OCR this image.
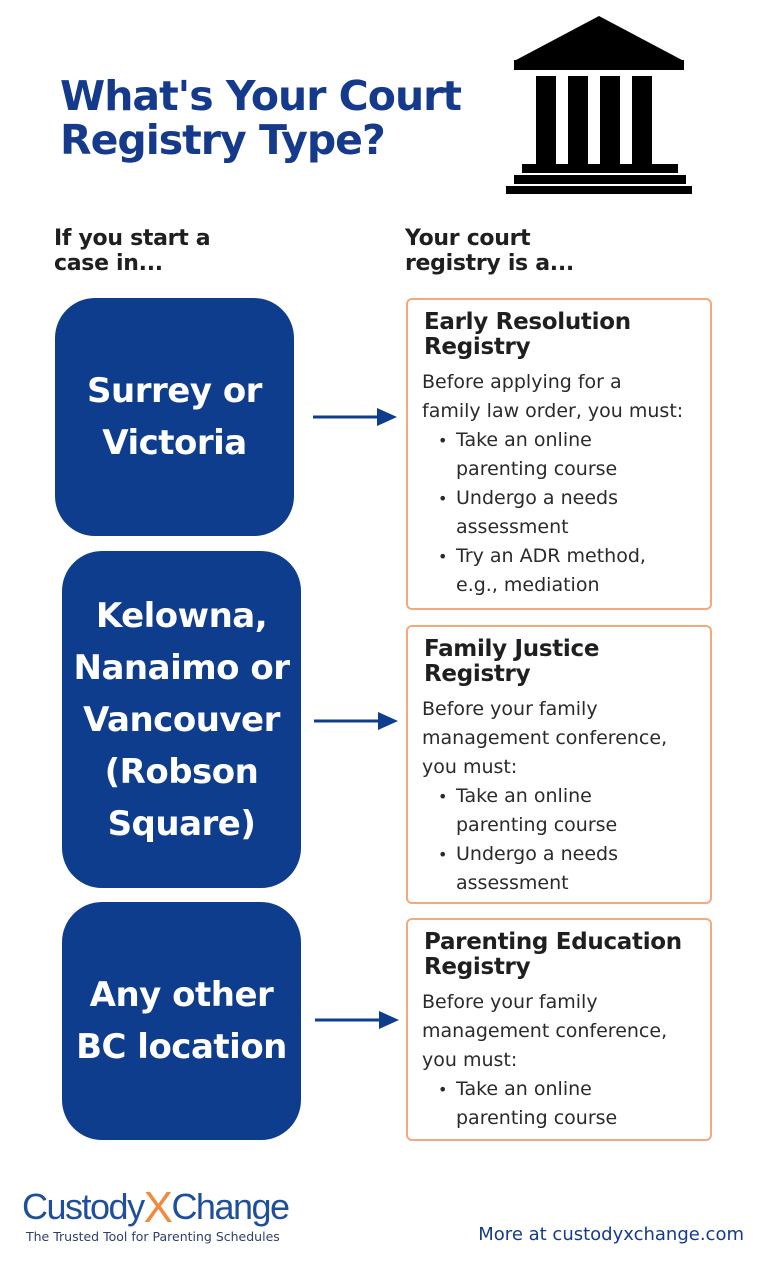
What's Your Court
Registry Type?
If you start a
case in...
Your court
registry is a...
Surrey or
Victoria
Early Resolution
Registry
Before applying for a
family law order, you must:
• Take an online
parenting course
• Undergo a needs
assessment
• Try an ADR method,
e.g., mediation
Kelowna,
Nanaimo or
Vancouver
(Robson
Square)
Family Justice
Registry
Before your family
management conference,
you must:
• Take an online
parenting course
• Undergo a needs
assessment
Any other
BC location
Parenting Education
Registry
Before your family
management conference,
you must:
• Take an online
parenting course
CustodyXChange
The Trusted Tool for Parenting Schedules	More at custodyxchange.com
